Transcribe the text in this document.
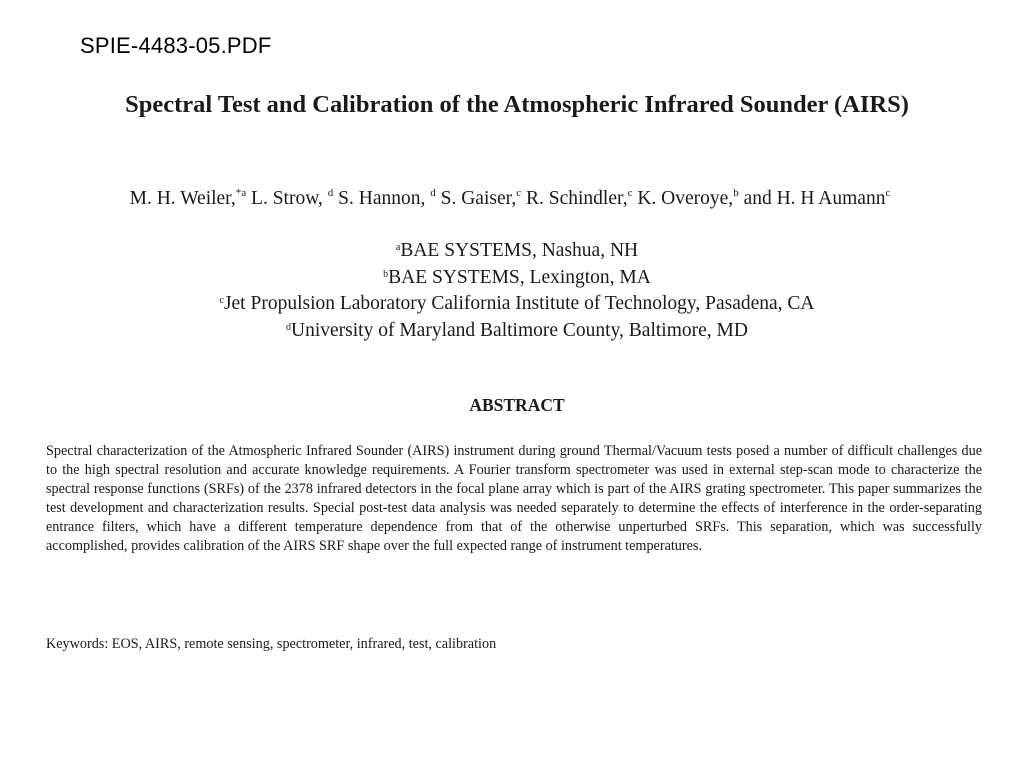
SPIE-4483-05.PDF
Spectral Test and Calibration of the Atmospheric Infrared Sounder (AIRS)
M. H. Weiler,$^{*a}$ L. Strow, $^d$ S. Hannon, $^d$ S. Gaiser,$^c$ R. Schindler,$^c$ K. Overoye,$^b$ and H. H Aumann$^c$
$^a$BAE SYSTEMS, Nashua, NH
$^b$BAE SYSTEMS, Lexington, MA
$^c$Jet Propulsion Laboratory California Institute of Technology, Pasadena, CA
$^d$University of Maryland Baltimore County, Baltimore, MD
ABSTRACT

Spectral characterization of the Atmospheric Infrared Sounder (AIRS) instrument during ground Thermal/Vacuum tests posed a number of difficult challenges due to the high spectral resolution and accurate knowledge requirements. A Fourier transform spectrometer was used in external step-scan mode to characterize the spectral response functions (SRFs) of the 2378 infrared detectors in the focal plane array which is part of the AIRS grating spectrometer. This paper summarizes the test development and characterization results. Special post-test data analysis was needed separately to determine the effects of interference in the order-separating entrance filters, which have a different temperature dependence from that of the otherwise unperturbed SRFs. This separation, which was successfully accomplished, provides calibration of the AIRS SRF shape over the full expected range of instrument temperatures.

Keywords: EOS, AIRS, remote sensing, spectrometer, infrared, test, calibration
